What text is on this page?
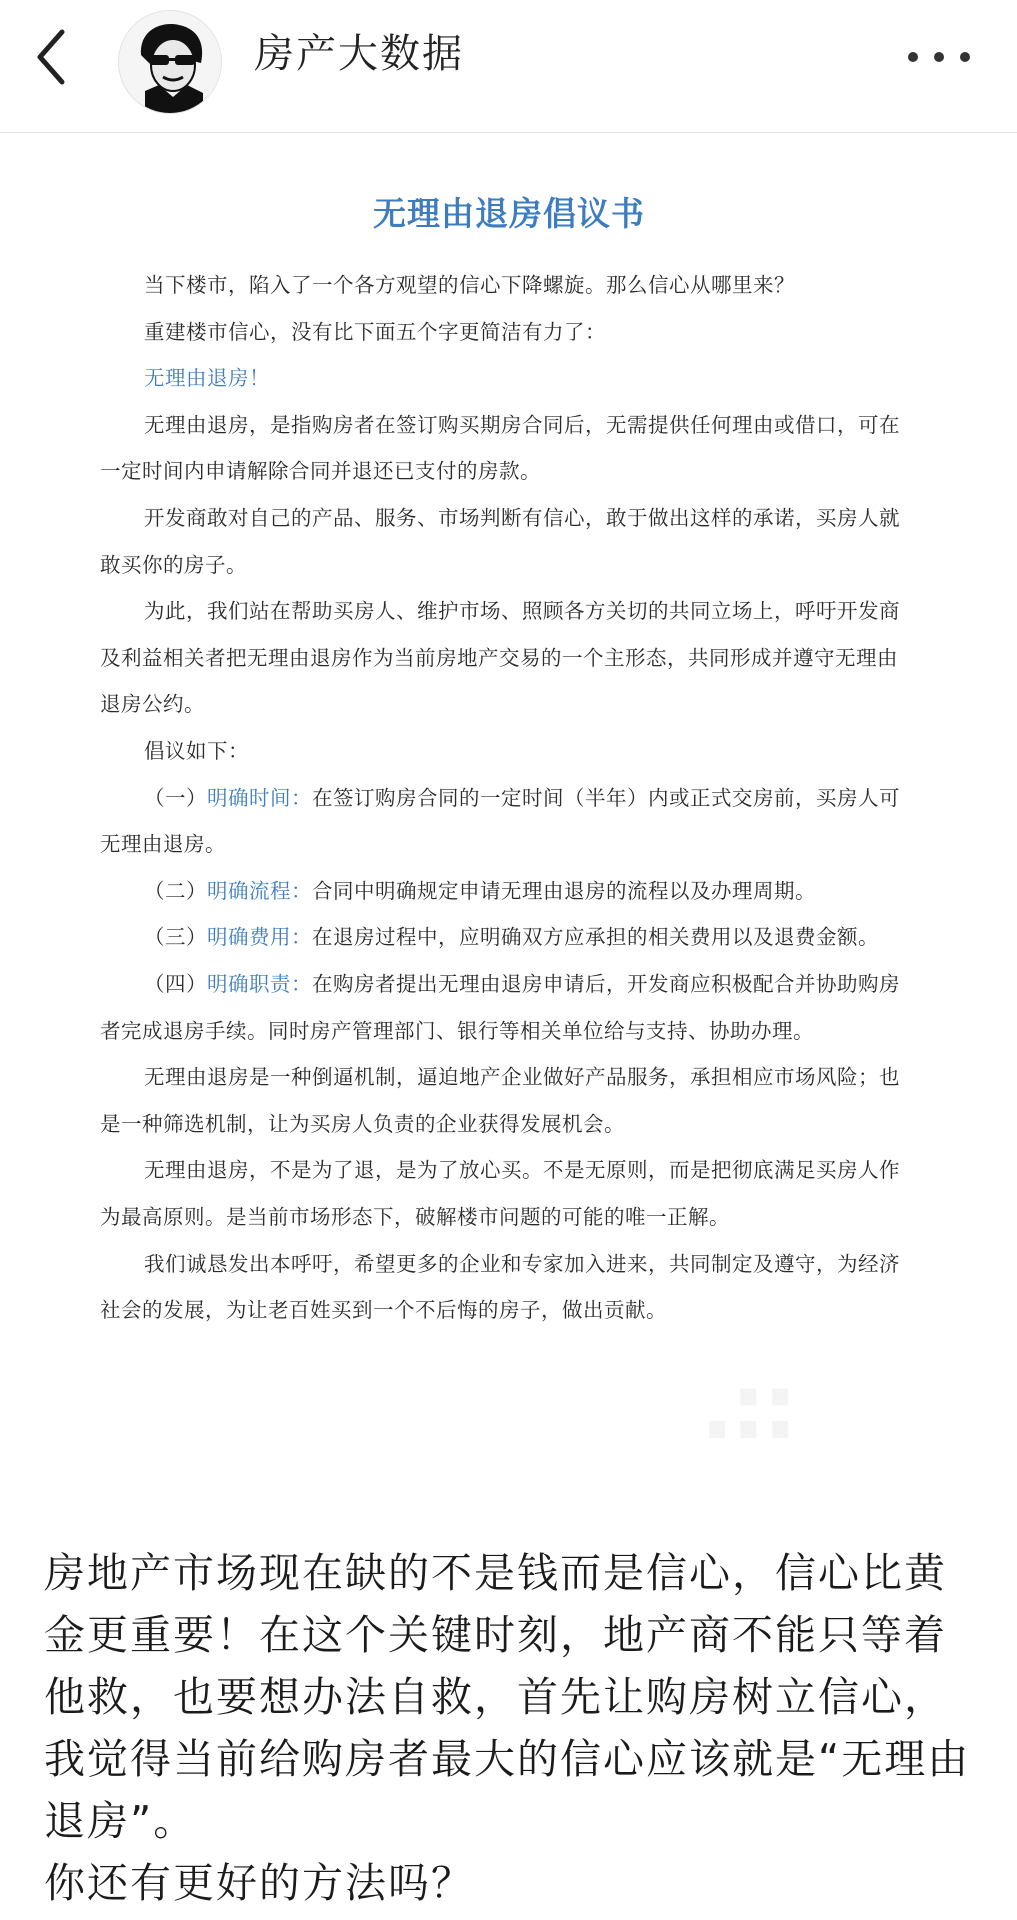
房产大数据
无理由退房倡议书
当下楼市，陷入了一个各方观望的信心下降螺旋。那么信心从哪里来？
重建楼市信心，没有比下面五个字更简洁有力了：
无理由退房！
无理由退房，是指购房者在签订购买期房合同后，无需提供任何理由或借口，可在
一定时间内申请解除合同并退还已支付的房款。
开发商敢对自己的产品、服务、市场判断有信心，敢于做出这样的承诺，买房人就
敢买你的房子。
为此，我们站在帮助买房人、维护市场、照顾各方关切的共同立场上，呼吁开发商
及利益相关者把无理由退房作为当前房地产交易的一个主形态，共同形成并遵守无理由
退房公约。
倡议如下：
（一）明确时间：在签订购房合同的一定时间（半年）内或正式交房前，买房人可
无理由退房。
（二）明确流程：合同中明确规定申请无理由退房的流程以及办理周期。
（三）明确费用：在退房过程中，应明确双方应承担的相关费用以及退费金额。
（四）明确职责：在购房者提出无理由退房申请后，开发商应积极配合并协助购房
者完成退房手续。同时房产管理部门、银行等相关单位给与支持、协助办理。
无理由退房是一种倒逼机制，逼迫地产企业做好产品服务，承担相应市场风险；也
是一种筛选机制，让为买房人负责的企业获得发展机会。
无理由退房，不是为了退，是为了放心买。不是无原则，而是把彻底满足买房人作
为最高原则。是当前市场形态下，破解楼市问题的可能的唯一正解。
我们诚恳发出本呼吁，希望更多的企业和专家加入进来，共同制定及遵守，为经济
社会的发展，为让老百姓买到一个不后悔的房子，做出贡献。
.::

房地产市场现在缺的不是钱而是信心，信心比黄金更重要！在这个关键时刻，地产商不能只等着他救，也要想办法自救，首先让购房树立信心，我觉得当前给购房者最大的信心应该就是“无理由退房”。

你还有更好的方法吗？
